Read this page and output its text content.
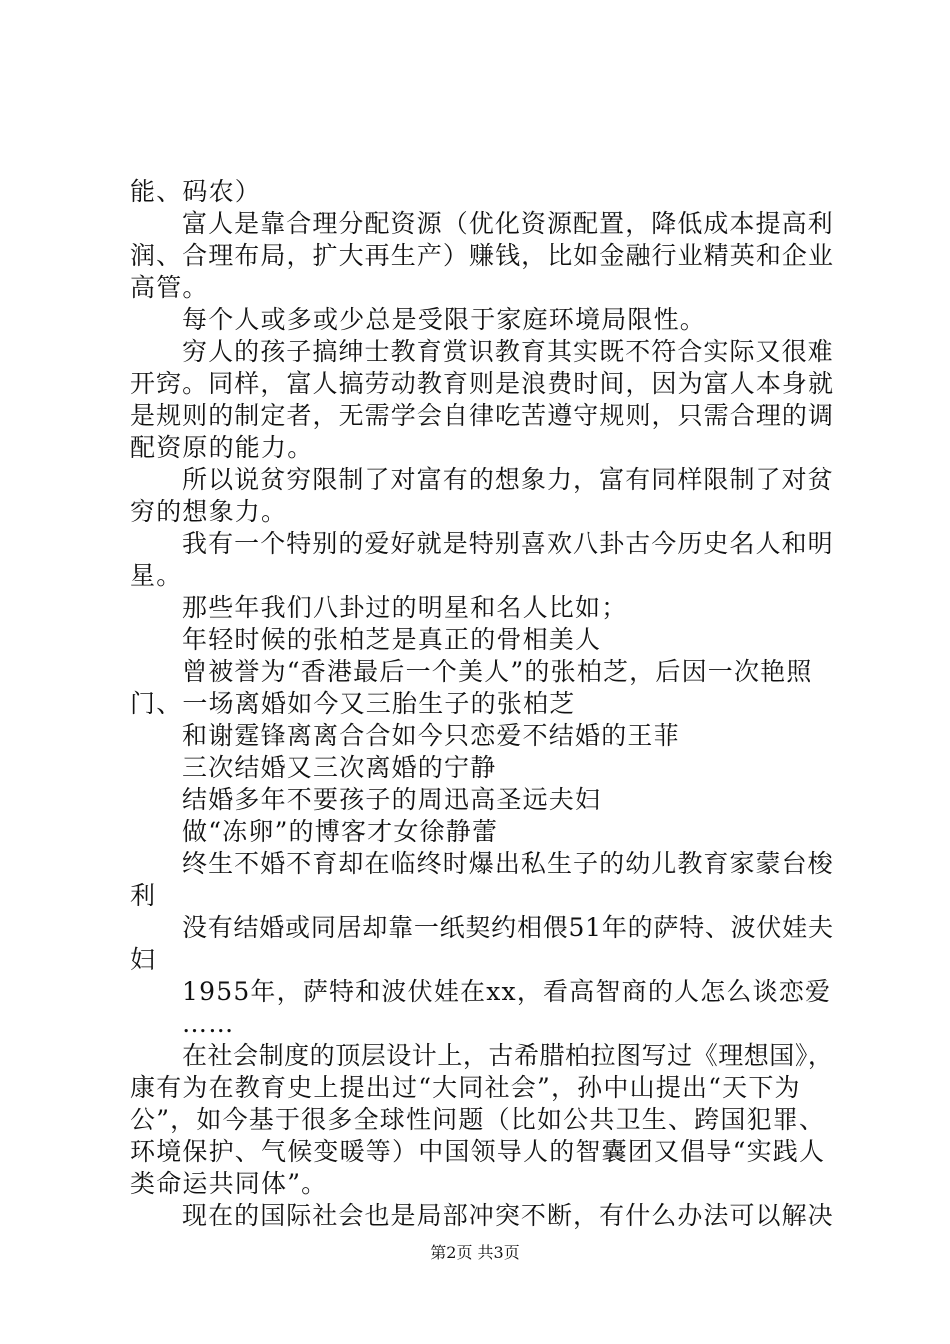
能、码农）
富人是靠合理分配资源（优化资源配置，降低成本提高利
润、合理布局，扩大再生产）赚钱，比如金融行业精英和企业
高管。
每个人或多或少总是受限于家庭环境局限性。
穷人的孩子搞绅士教育赏识教育其实既不符合实际又很难
开窍。同样，富人搞劳动教育则是浪费时间，因为富人本身就
是规则的制定者，无需学会自律吃苦遵守规则，只需合理的调
配资原的能力。
所以说贫穷限制了对富有的想象力，富有同样限制了对贫
穷的想象力。
我有一个特别的爱好就是特别喜欢八卦古今历史名人和明
星。
那些年我们八卦过的明星和名人比如；
年轻时候的张柏芝是真正的骨相美人
曾被誉为“香港最后一个美人”的张柏芝，后因一次艳照
门、一场离婚如今又三胎生子的张柏芝
和谢霆锋离离合合如今只恋爱不结婚的王菲
三次结婚又三次离婚的宁静
结婚多年不要孩子的周迅高圣远夫妇
做“冻卵”的博客才女徐静蕾
终生不婚不育却在临终时爆出私生子的幼儿教育家蒙台梭
利
没有结婚或同居却靠一纸契约相偎51年的萨特、波伏娃夫
妇
1955年，萨特和波伏娃在xx，看高智商的人怎么谈恋爱
……
在社会制度的顶层设计上，古希腊柏拉图写过《理想国》，
康有为在教育史上提出过“大同社会”，孙中山提出“天下为
公”，如今基于很多全球性问题（比如公共卫生、跨国犯罪、
环境保护、气候变暖等）中国领导人的智囊团又倡导“实践人
类命运共同体”。
现在的国际社会也是局部冲突不断，有什么办法可以解决
第2页 共3页
